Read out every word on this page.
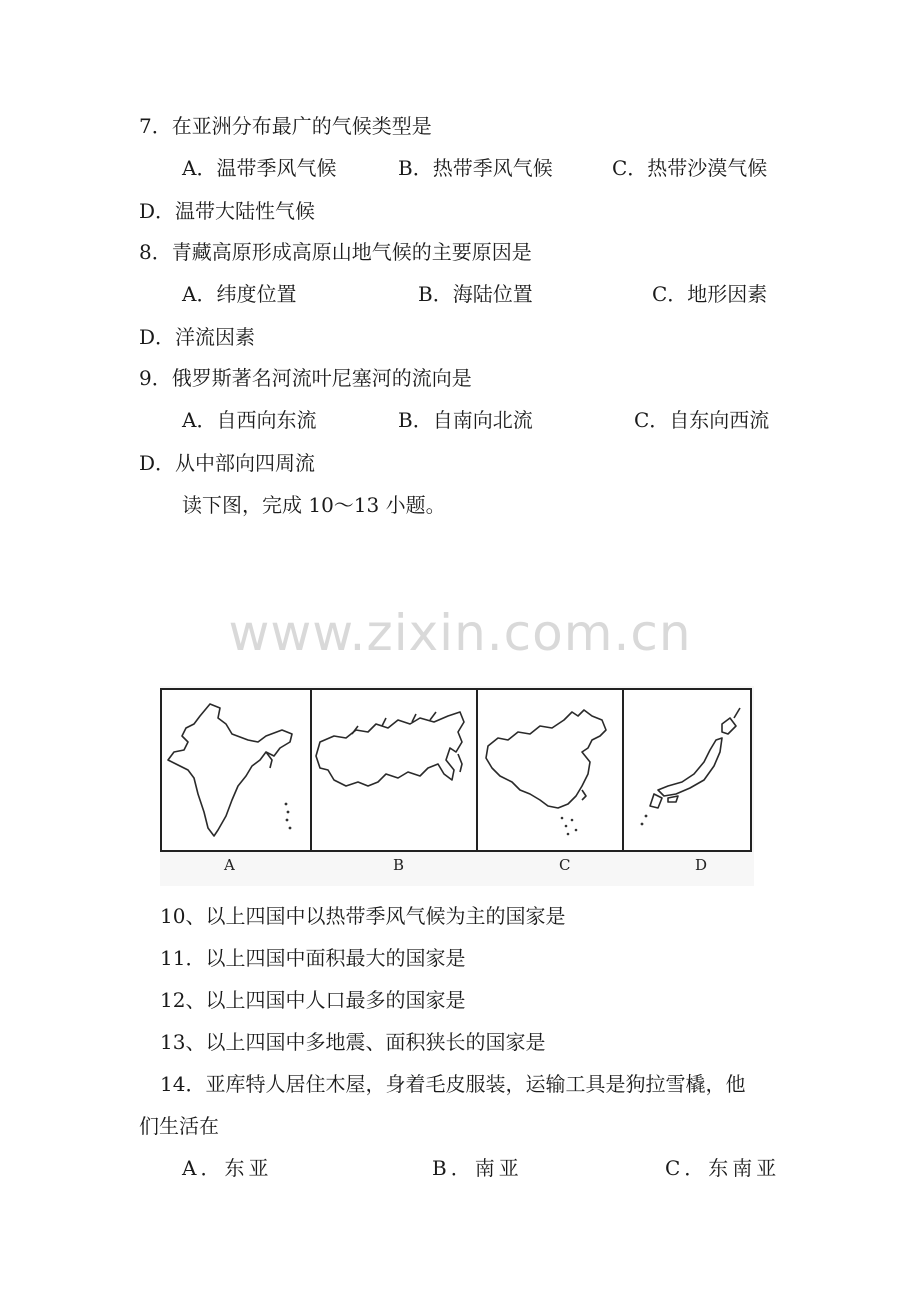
7．在亚洲分布最广的气候类型是
A．温带季风气候	B．热带季风气候	C．热带沙漠气候
D．温带大陆性气候
8．青藏高原形成高原山地气候的主要原因是
A．纬度位置	B．海陆位置	C．地形因素
D．洋流因素
9．俄罗斯著名河流叶尼塞河的流向是
A．自西向东流	B．自南向北流	C．自东向西流
D．从中部向四周流
读下图，完成 10～13 小题。
www.zixin.com.cn
A	B	C	D
10、以上四国中以热带季风气候为主的国家是
11．以上四国中面积最大的国家是
12、以上四国中人口最多的国家是
13、以上四国中多地震、面积狭长的国家是
14．亚库特人居住木屋，身着毛皮服装，运输工具是狗拉雪橇，他
们生活在
A．东亚	B．南亚	C．东南亚
